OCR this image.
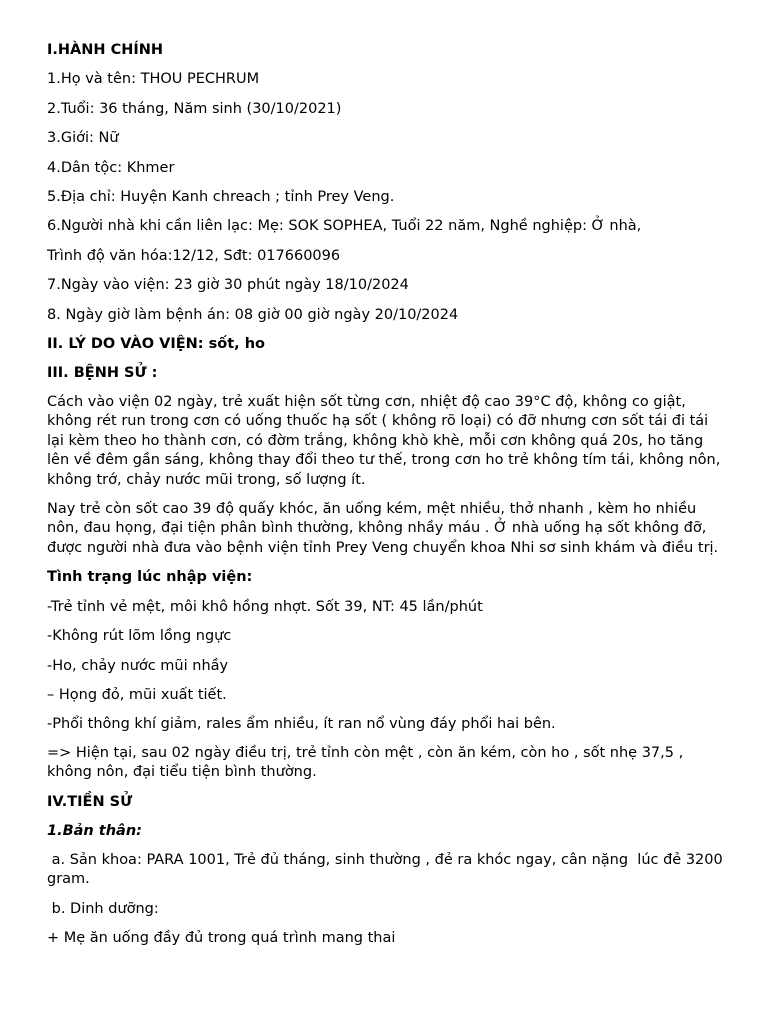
I.HÀNH CHÍNH
1.Họ và tên: THOU PECHRUM
2.Tuổi: 36 tháng, Năm sinh (30/10/2021)
3.Giới: Nữ
4.Dân tộc: Khmer
5.Địa chỉ: Huyện Kanh chreach ; tỉnh Prey Veng.
6.Người nhà khi cần liên lạc: Mẹ: SOK SOPHEA, Tuổi 22 năm, Nghề nghiệp: Ở nhà,
Trình độ văn hóa:12/12, Sđt: 017660096
7.Ngày vào viện: 23 giờ 30 phút ngày 18/10/2024
8. Ngày giờ làm bệnh án: 08 giờ 00 giờ ngày 20/10/2024
II. LÝ DO VÀO VIỆN: sốt, ho
III. BỆNH SỬ :
Cách vào viện 02 ngày, trẻ xuất hiện sốt từng cơn, nhiệt độ cao 39°C độ, không co giật, không rét run trong cơn có uống thuốc hạ sốt ( không rõ loại) có đỡ nhưng cơn sốt tái đi tái lại kèm theo ho thành cơn, có đờm trắng, không khò khè, mỗi cơn không quá 20s, ho tăng lên về đêm gần sáng, không thay đổi theo tư thế, trong cơn ho trẻ không tím tái, không nôn, không trớ, chảy nước mũi trong, số lượng ít.
Nay trẻ còn sốt cao 39 độ quấy khóc, ăn uống kém, mệt nhiều, thở nhanh , kèm ho nhiều nôn, đau họng, đại tiện phân bình thường, không nhầy máu . Ở nhà uống hạ sốt không đỡ, được người nhà đưa vào bệnh viện tỉnh Prey Veng chuyển khoa Nhi sơ sinh khám và điều trị.
Tình trạng lúc nhập viện:
-Trẻ tỉnh vẻ mệt, môi khô hồng nhợt. Sốt 39, NT: 45 lần/phút
-Không rút lõm lồng ngực
-Ho, chảy nước mũi nhầy
– Họng đỏ, mũi xuất tiết.
-Phổi thông khí giảm, rales ẩm nhiều, ít ran nổ vùng đáy phổi hai bên.
=> Hiện tại, sau 02 ngày điều trị, trẻ tỉnh còn mệt , còn ăn kém, còn ho , sốt nhẹ 37,5 , không nôn, đại tiểu tiện bình thường.
IV.TIỀN SỬ
1.Bản thân:
a. Sản khoa: PARA 1001, Trẻ đủ tháng, sinh thường , đẻ ra khóc ngay, cân nặng  lúc đẻ 3200 gram.
b. Dinh dưỡng:
+ Mẹ ăn uống đầy đủ trong quá trình mang thai
